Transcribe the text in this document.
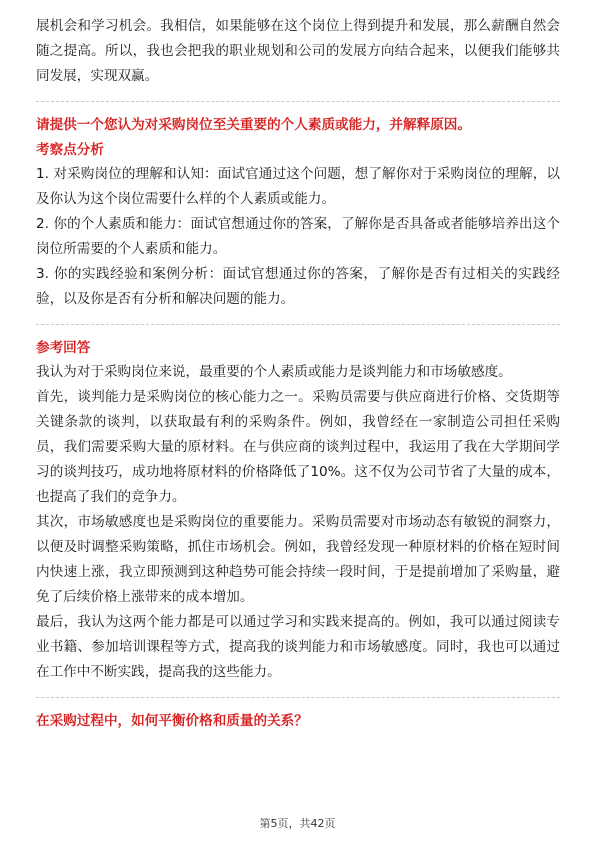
展机会和学习机会。我相信，如果能够在这个岗位上得到提升和发展，那么薪酬自然会随之提高。所以，我也会把我的职业规划和公司的发展方向结合起来，以便我们能够共同发展，实现双赢。

请提供一个您认为对采购岗位至关重要的个人素质或能力，并解释原因。

考察点分析

1. 对采购岗位的理解和认知：面试官通过这个问题，想了解你对于采购岗位的理解，以及你认为这个岗位需要什么样的个人素质或能力。

2. 你的个人素质和能力：面试官想通过你的答案，了解你是否具备或者能够培养出这个岗位所需要的个人素质和能力。

3. 你的实践经验和案例分析：面试官想通过你的答案，了解你是否有过相关的实践经验，以及你是否有分析和解决问题的能力。

参考回答

我认为对于采购岗位来说，最重要的个人素质或能力是谈判能力和市场敏感度。

首先，谈判能力是采购岗位的核心能力之一。采购员需要与供应商进行价格、交货期等关键条款的谈判，以获取最有利的采购条件。例如，我曾经在一家制造公司担任采购员，我们需要采购大量的原材料。在与供应商的谈判过程中，我运用了我在大学期间学习的谈判技巧，成功地将原材料的价格降低了10%。这不仅为公司节省了大量的成本，也提高了我们的竞争力。

其次，市场敏感度也是采购岗位的重要能力。采购员需要对市场动态有敏锐的洞察力，以便及时调整采购策略，抓住市场机会。例如，我曾经发现一种原材料的价格在短时间内快速上涨，我立即预测到这种趋势可能会持续一段时间，于是提前增加了采购量，避免了后续价格上涨带来的成本增加。

最后，我认为这两个能力都是可以通过学习和实践来提高的。例如，我可以通过阅读专业书籍、参加培训课程等方式，提高我的谈判能力和市场敏感度。同时，我也可以通过在工作中不断实践，提高我的这些能力。

在采购过程中，如何平衡价格和质量的关系？

第5页，共42页
